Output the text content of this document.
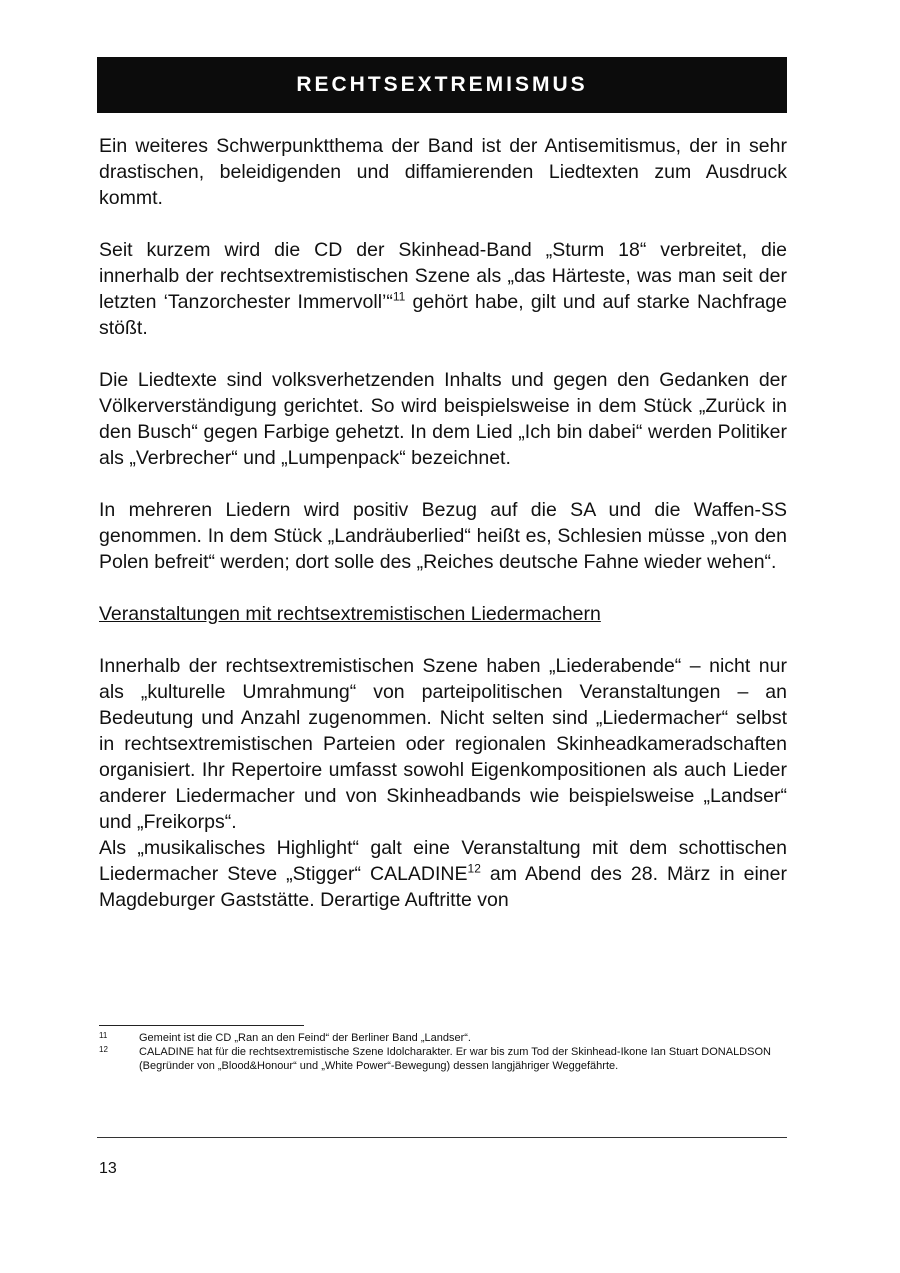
RECHTSEXTREMISMUS

Ein weiteres Schwerpunktthema der Band ist der Antisemitismus, der in sehr drastischen, beleidigenden und diffamierenden Liedtexten zum Ausdruck kommt.

Seit kurzem wird die CD der Skinhead-Band „Sturm 18“ verbreitet, die innerhalb der rechtsextremistischen Szene als „das Härteste, was man seit der letzten ‘Tanzorchester Immervoll’“$^{11}$ gehört habe, gilt und auf starke Nachfrage stößt.

Die Liedtexte sind volksverhetzenden Inhalts und gegen den Gedanken der Völkerverständigung gerichtet. So wird beispielsweise in dem Stück „Zurück in den Busch“ gegen Farbige gehetzt. In dem Lied „Ich bin dabei“ werden Politiker als „Verbrecher“ und „Lumpenpack“ bezeichnet.

In mehreren Liedern wird positiv Bezug auf die SA und die Waffen-SS genommen. In dem Stück „Landräuberlied“ heißt es, Schlesien müsse „von den Polen befreit“ werden; dort solle des „Reiches deutsche Fahne wieder wehen“.

Veranstaltungen mit rechtsextremistischen Liedermachern

Innerhalb der rechtsextremistischen Szene haben „Liederabende“ – nicht nur als „kulturelle Umrahmung“ von parteipolitischen Veranstaltungen – an Bedeutung und Anzahl zugenommen. Nicht selten sind „Liedermacher“ selbst in rechtsextremistischen Parteien oder regionalen Skinheadkameradschaften organisiert. Ihr Repertoire umfasst sowohl Eigenkompositionen als auch Lieder anderer Liedermacher und von Skinheadbands wie beispielsweise „Landser“ und „Freikorps“.

Als „musikalisches Highlight“ galt eine Veranstaltung mit dem schottischen Liedermacher Steve „Stigger“ CALADINE$^{12}$ am Abend des 28. März in einer Magdeburger Gaststätte. Derartige Auftritte von

11	Gemeint ist die CD „Ran an den Feind“ der Berliner Band „Landser“.
12	CALADINE hat für die rechtsextremistische Szene Idolcharakter. Er war bis zum Tod der Skinhead-Ikone Ian Stuart DONALDSON (Begründer von „Blood&Honour“ und „White Power“-Bewegung) dessen langjähriger Weggefährte.
13
